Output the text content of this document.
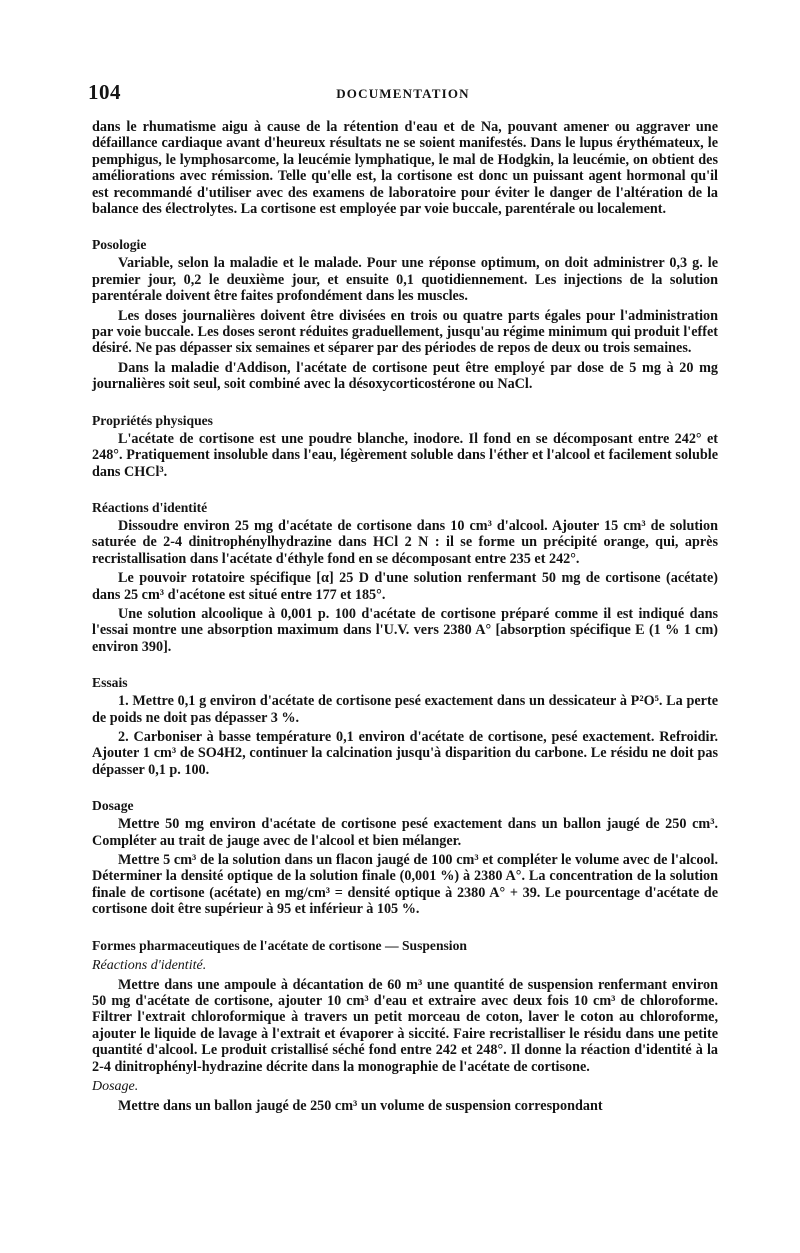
104	DOCUMENTATION

dans le rhumatisme aigu à cause de la rétention d'eau et de Na, pouvant amener ou aggraver une défaillance cardiaque avant d'heureux résultats ne se soient manifestés. Dans le lupus érythémateux, le pemphigus, le lymphosarcome, la leucémie lymphatique, le mal de Hodgkin, la leucémie, on obtient des améliorations avec rémission. Telle qu'elle est, la cortisone est donc un puissant agent hormonal qu'il est recommandé d'utiliser avec des examens de laboratoire pour éviter le danger de l'altération de la balance des électrolytes. La cortisone est employée par voie buccale, parentérale ou localement.

Posologie

Variable, selon la maladie et le malade. Pour une réponse optimum, on doit administrer 0,3 g. le premier jour, 0,2 le deuxième jour, et ensuite 0,1 quotidiennement. Les injections de la solution parentérale doivent être faites profondément dans les muscles.

Les doses journalières doivent être divisées en trois ou quatre parts égales pour l'administration par voie buccale. Les doses seront réduites graduellement, jusqu'au régime minimum qui produit l'effet désiré. Ne pas dépasser six semaines et séparer par des périodes de repos de deux ou trois semaines.

Dans la maladie d'Addison, l'acétate de cortisone peut être employé par dose de 5 mg à 20 mg journalières soit seul, soit combiné avec la désoxycorticostérone ou NaCl.

Propriétés physiques

L'acétate de cortisone est une poudre blanche, inodore. Il fond en se décomposant entre 242° et 248°. Pratiquement insoluble dans l'eau, légèrement soluble dans l'éther et l'alcool et facilement soluble dans CHCl³.

Réactions d'identité

Dissoudre environ 25 mg d'acétate de cortisone dans 10 cm³ d'alcool. Ajouter 15 cm³ de solution saturée de 2-4 dinitrophénylhydrazine dans HCl 2 N : il se forme un précipité orange, qui, après recristallisation dans l'acétate d'éthyle fond en se décomposant entre 235 et 242°.

Le pouvoir rotatoire spécifique [α] 25 D d'une solution renfermant 50 mg de cortisone (acétate) dans 25 cm³ d'acétone est situé entre 177 et 185°.

Une solution alcoolique à 0,001 p. 100 d'acétate de cortisone préparé comme il est indiqué dans l'essai montre une absorption maximum dans l'U.V. vers 2380 A° [absorption spécifique E (1 % 1 cm) environ 390].

Essais

1. Mettre 0,1 g environ d'acétate de cortisone pesé exactement dans un dessicateur à P²O⁵. La perte de poids ne doit pas dépasser 3 %.

2. Carboniser à basse température 0,1 environ d'acétate de cortisone, pesé exactement. Refroidir. Ajouter 1 cm³ de SO4H2, continuer la calcination jusqu'à disparition du carbone. Le résidu ne doit pas dépasser 0,1 p. 100.

Dosage

Mettre 50 mg environ d'acétate de cortisone pesé exactement dans un ballon jaugé de 250 cm³. Compléter au trait de jauge avec de l'alcool et bien mélanger.

Mettre 5 cm³ de la solution dans un flacon jaugé de 100 cm³ et compléter le volume avec de l'alcool. Déterminer la densité optique de la solution finale (0,001 %) à 2380 A°. La concentration de la solution finale de cortisone (acétate) en mg/cm³ = densité optique à 2380 A° + 39. Le pourcentage d'acétate de cortisone doit être supérieur à 95 et inférieur à 105 %.

Formes pharmaceutiques de l'acétate de cortisone — Suspension
Réactions d'identité.

Mettre dans une ampoule à décantation de 60 m³ une quantité de suspension renfermant environ 50 mg d'acétate de cortisone, ajouter 10 cm³ d'eau et extraire avec deux fois 10 cm³ de chloroforme. Filtrer l'extrait chloroformique à travers un petit morceau de coton, laver le coton au chloroforme, ajouter le liquide de lavage à l'extrait et évaporer à siccité. Faire recristalliser le résidu dans une petite quantité d'alcool. Le produit cristallisé séché fond entre 242 et 248°. Il donne la réaction d'identité à la 2-4 dinitrophényl-hydrazine décrite dans la monographie de l'acétate de cortisone.

Dosage.

Mettre dans un ballon jaugé de 250 cm³ un volume de suspension correspondant
